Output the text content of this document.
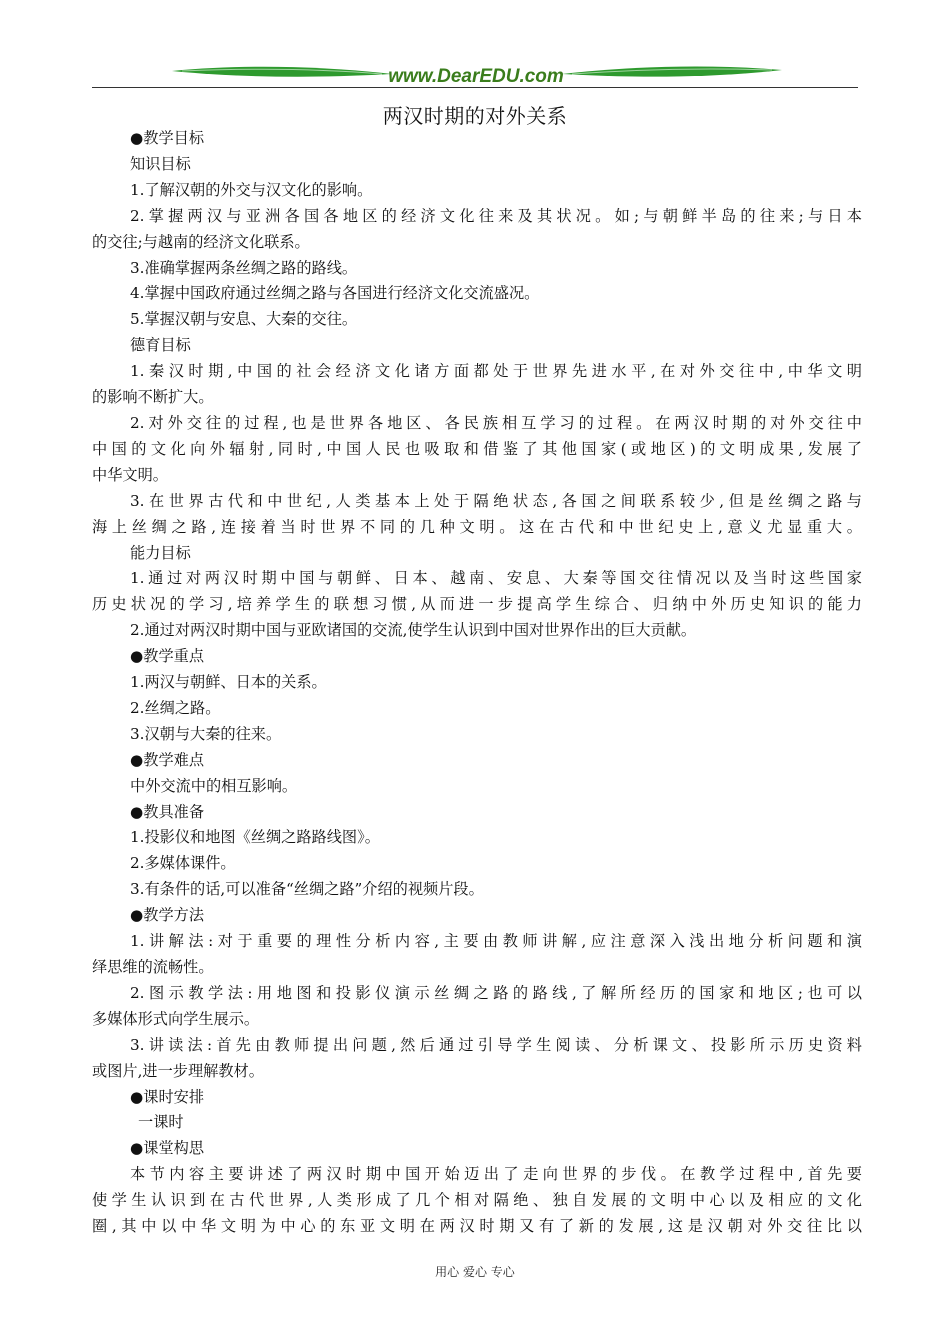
www.DearEDU.com
两汉时期的对外关系
●教学目标
知识目标
1.了解汉朝的外交与汉文化的影响。
2.掌握两汉与亚洲各国各地区的经济文化往来及其状况。如;与朝鲜半岛的往来;与日本
的交往;与越南的经济文化联系。
3.准确掌握两条丝绸之路的路线。
4.掌握中国政府通过丝绸之路与各国进行经济文化交流盛况。
5.掌握汉朝与安息、大秦的交往。
德育目标
1.秦汉时期,中国的社会经济文化诸方面都处于世界先进水平,在对外交往中,中华文明
的影响不断扩大。
2.对外交往的过程,也是世界各地区、各民族相互学习的过程。在两汉时期的对外交往中
中国的文化向外辐射,同时,中国人民也吸取和借鉴了其他国家(或地区)的文明成果,发展了
中华文明。
3.在世界古代和中世纪,人类基本上处于隔绝状态,各国之间联系较少,但是丝绸之路与
海上丝绸之路,连接着当时世界不同的几种文明。这在古代和中世纪史上,意义尤显重大。
能力目标
1.通过对两汉时期中国与朝鲜、日本、越南、安息、大秦等国交往情况以及当时这些国家
历史状况的学习,培养学生的联想习惯,从而进一步提高学生综合、归纳中外历史知识的能力
2.通过对两汉时期中国与亚欧诸国的交流,使学生认识到中国对世界作出的巨大贡献。
●教学重点
1.两汉与朝鲜、日本的关系。
2.丝绸之路。
3.汉朝与大秦的往来。
●教学难点
中外交流中的相互影响。
●教具准备
1.投影仪和地图《丝绸之路路线图》。
2.多媒体课件。
3.有条件的话,可以准备“丝绸之路”介绍的视频片段。
●教学方法
1.讲解法:对于重要的理性分析内容,主要由教师讲解,应注意深入浅出地分析问题和演
绎思维的流畅性。
2.图示教学法:用地图和投影仪演示丝绸之路的路线,了解所经历的国家和地区;也可以
多媒体形式向学生展示。
3.讲读法:首先由教师提出问题,然后通过引导学生阅读、分析课文、投影所示历史资料
或图片,进一步理解教材。
●课时安排
一课时
●课堂构思
本节内容主要讲述了两汉时期中国开始迈出了走向世界的步伐。在教学过程中,首先要
使学生认识到在古代世界,人类形成了几个相对隔绝、独自发展的文明中心以及相应的文化
圈,其中以中华文明为中心的东亚文明在两汉时期又有了新的发展,这是汉朝对外交往比以
用心 爱心 专心
